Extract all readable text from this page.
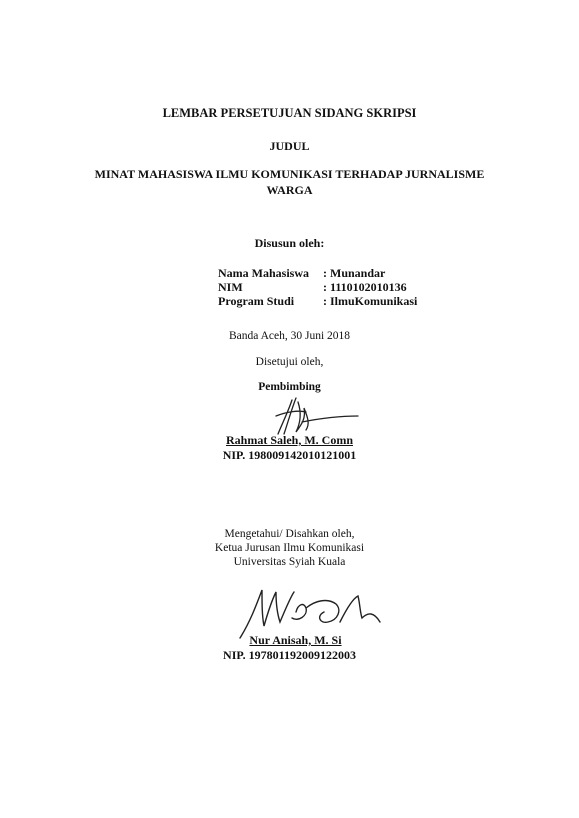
LEMBAR PERSETUJUAN SIDANG SKRIPSI
JUDUL
MINAT MAHASISWA ILMU KOMUNIKASI TERHADAP JURNALISME
WARGA
Disusun oleh:
Nama Mahasiswa : Munandar
NIM	: 1110102010136
Program Studi : IlmuKomunikasi
Banda Aceh, 30 Juni 2018
Disetujui oleh,
Pembimbing
Rahmat Saleh, M. Comn
NIP. 198009142010121001
Mengetahui/ Disahkan oleh,
Ketua Jurusan Ilmu Komunikasi
Universitas Syiah Kuala
Nur Anisah, M. Si
NIP. 197801192009122003
